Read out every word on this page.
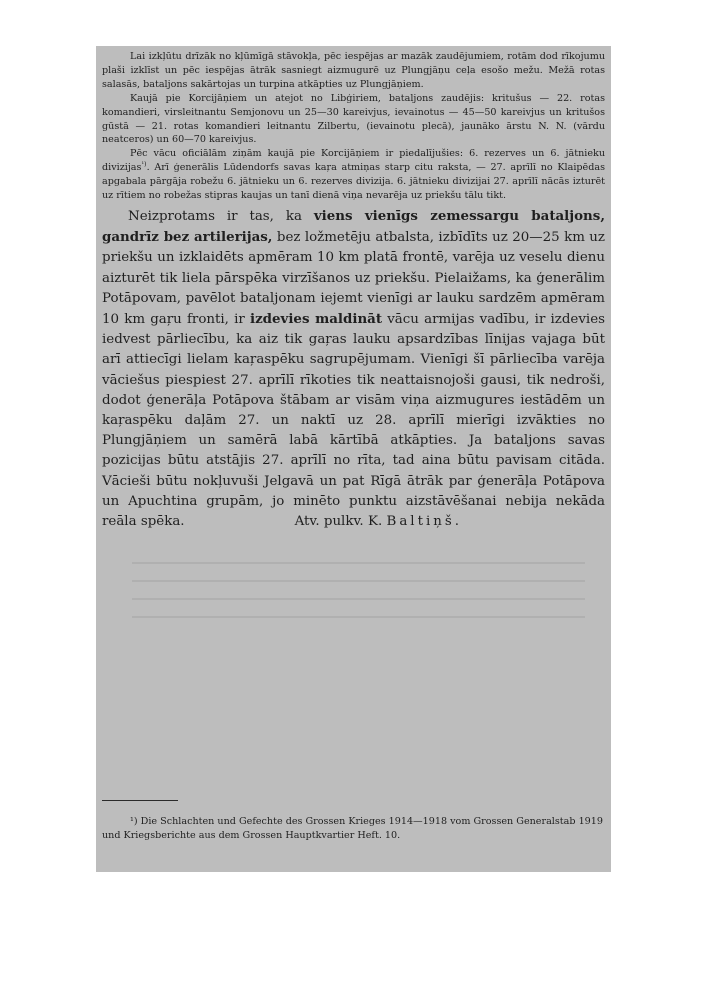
Lai izkļūtu drīzāk no kļūmīgā stāvokļa, pēc iespējas ar mazāk zaudējumiem, rotām dod rīkojumu plaši izklīst un pēc iespējas ātrāk sasniegt aizmugurē uz Plungjāņu ceļa esošo mežu. Mežā rotas salasās, bataljons sakārtojas un turpina atkāpties uz Plungjāņiem.

Kaujā pie Korcijāņiem un atejot no Libģiriem, bataljons zaudējis: kritušus — 22. rotas komandieri, virsleitnantu Semjonovu un 25—30 kareivjus, ievainotus — 45—50 kareivjus un kritušos gūstā — 21. rotas komandieri leitnantu Zilbertu, (ievainotu plecā), jaunāko ārstu N. N. (vārdu neatceros) un 60—70 kareivjus.

Pēc vācu oficiālām ziņām kaujā pie Korcijāņiem ir piedalījušies: 6. rezerves un 6. jātnieku divizijas$^{^1)}$. Arī ģenerālis Lūdendorfs savas kaŗa atmiņas starp citu raksta, — 27. aprīlī no Klaipēdas apgabala pārgāja robežu 6. jātnieku un 6. rezerves divizija. 6. jātnieku divizijai 27. aprīlī nācās izturēt uz rītiem no robežas stipras kaujas un tanī dienā viņa nevarēja uz priekšu tālu tikt.

Neizprotams ir tas, ka viens vienīgs zemessargu bataljons, gandrīz bez artilerijas, bez ložmetēju atbalsta, izbīdīts uz 20—25 km uz priekšu un izklaidēts apmēram 10 km platā frontē, varēja uz veselu dienu aizturēt tik liela pārspēka virzīšanos uz priekšu. Pielaižams, ka ģenerālim Potāpovam, pavēlot bataljonam iejemt vienīgi ar lauku sardzēm apmēram 10 km gaŗu fronti, ir izdevies maldināt vācu armijas vadību, ir izdevies iedvest pārliecību, ka aiz tik gaŗas lauku apsardzības līnijas vajaga būt arī attiecīgi lielam kaŗaspēku sagrupējumam. Vienīgi šī pārliecība varēja vāciešus piespiest 27. aprīlī rīkoties tik neattaisnojoši gausi, tik nedroši, dodot ģenerāļa Potāpova štābam ar visām viņa aizmugures iestādēm un kaŗaspēku daļām 27. un naktī uz 28. aprīlī mierīgi izvākties no Plungjāņiem un samērā labā kārtībā atkāpties. Ja bataljons savas pozicijas būtu atstājis 27. aprīlī no rīta, tad aina būtu pavisam citāda. Vācieši būtu nokļuvuši Jelgavā un pat Rīgā ātrāk par ģenerāļa Potāpova un Apuchtina grupām, jo minēto punktu aizstāvēšanai nebija nekāda reāla spēka.	Atv. pulkv. K. Baltiņš.

¹) Die Schlachten und Gefechte des Grossen Krieges 1914—1918 vom Grossen Generalstab 1919 und Kriegsberichte aus dem Grossen Hauptkvartier Heft. 10.
